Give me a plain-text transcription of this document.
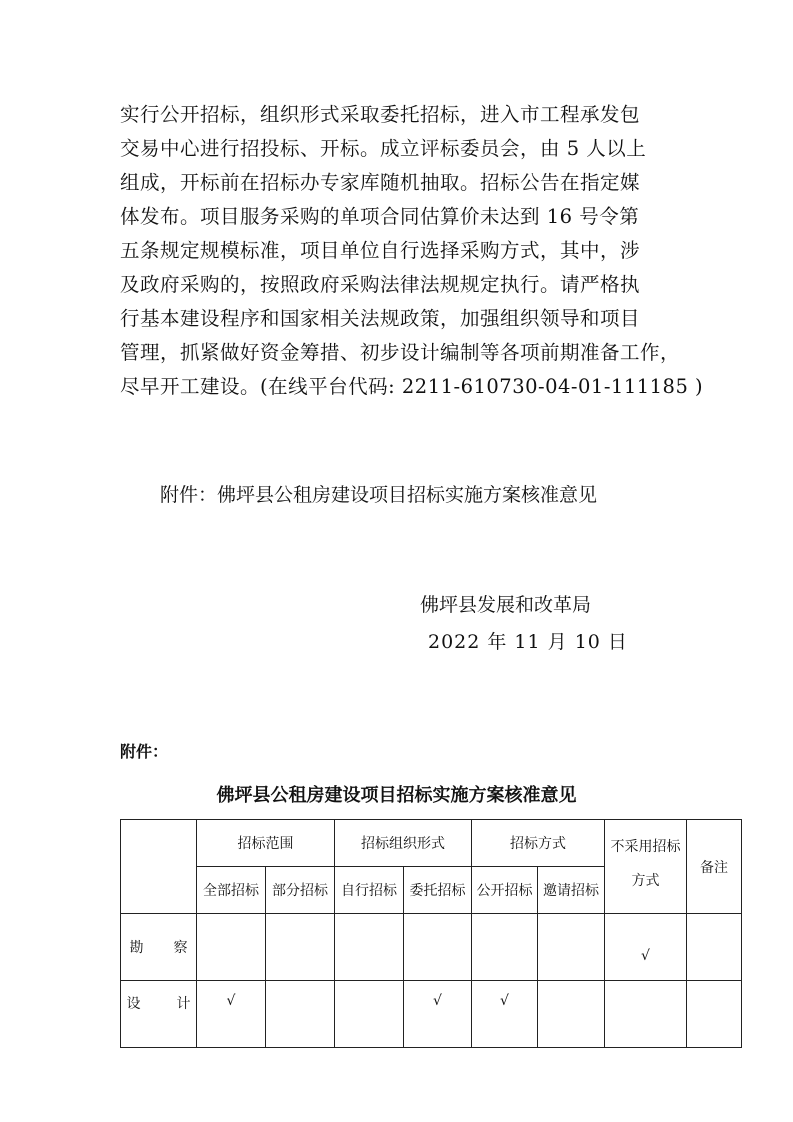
实行公开招标，组织形式采取委托招标，进入市工程承发包
交易中心进行招投标、开标。成立评标委员会，由 5 人以上
组成，开标前在招标办专家库随机抽取。招标公告在指定媒
体发布。项目服务采购的单项合同估算价未达到 16 号令第
五条规定规模标准，项目单位自行选择采购方式，其中，涉
及政府采购的，按照政府采购法律法规规定执行。请严格执
行基本建设程序和国家相关法规政策，加强组织领导和项目
管理，抓紧做好资金筹措、初步设计编制等各项前期准备工作，
尽早开工建设。(在线平台代码: 2211-610730-04-01-111185 )
附件：佛坪县公租房建设项目招标实施方案核准意见
佛坪县发展和改革局
2022 年 11 月 10 日
附件：
佛坪县公租房建设项目招标实施方案核准意见
	招标范围		招标组织形式		招标方式		不采用招标方式	备注
	全部招标	部分招标	自行招标	委托招标	公开招标	邀请招标		
勘 察							√	
设 计	√			√	√			
